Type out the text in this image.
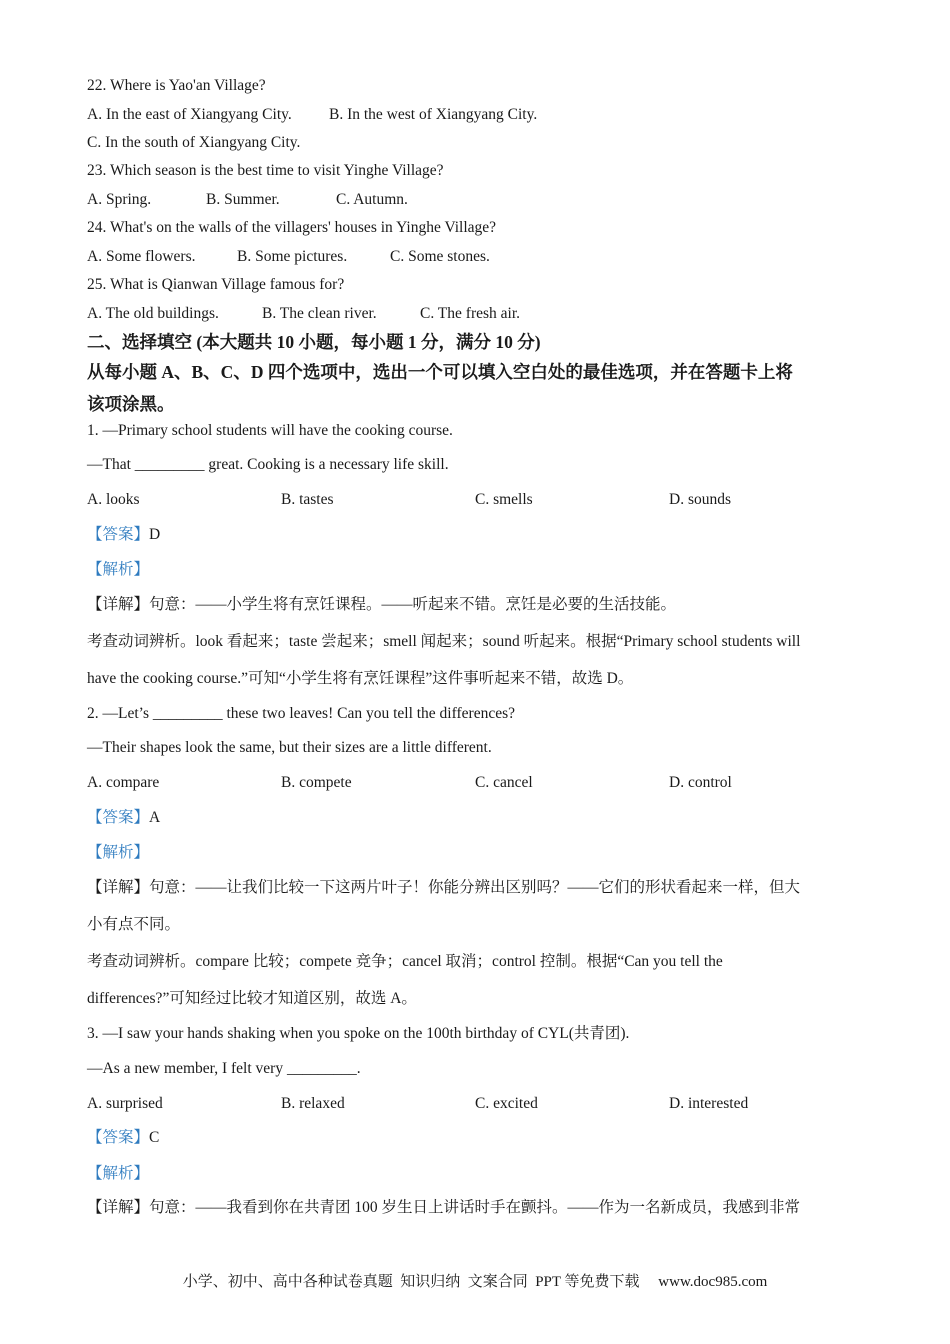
22. Where is Yao'an Village?
A. In the east of Xiangyang City. B. In the west of Xiangyang City.
C. In the south of Xiangyang City.
23. Which season is the best time to visit Yinghe Village?
A. Spring.	B. Summer.	C. Autumn.
24. What's on the walls of the villagers' houses in Yinghe Village?
A. Some flowers.	B. Some pictures.	C. Some stones.
25. What is Qianwan Village famous for?
A. The old buildings.	B. The clean river.	C. The fresh air.
二、选择填空 (本大题共 10 小题，每小题 1 分，满分 10 分)
从每小题 A、B、C、D 四个选项中，选出一个可以填入空白处的最佳选项，并在答题卡上将
该项涂黑。
1. —Primary school students will have the cooking course.
—That _________ great. Cooking is a necessary life skill.
A. looks	B. tastes	C. smells	D. sounds
【答案】D
【解析】
【详解】句意：——小学生将有烹饪课程。——听起来不错。烹饪是必要的生活技能。
考查动词辨析。look 看起来；taste 尝起来；smell 闻起来；sound 听起来。根据“Primary school students will
have the cooking course.”可知“小学生将有烹饪课程”这件事听起来不错，故选 D。
2. —Let’s _________ these two leaves! Can you tell the differences?
—Their shapes look the same, but their sizes are a little different.
A. compare	B. compete	C. cancel	D. control
【答案】A
【解析】
【详解】句意：——让我们比较一下这两片叶子！你能分辨出区别吗？——它们的形状看起来一样，但大
小有点不同。
考查动词辨析。compare 比较；compete 竞争；cancel 取消；control 控制。根据“Can you tell the
differences?”可知经过比较才知道区别，故选 A。
3. —I saw your hands shaking when you spoke on the 100th birthday of CYL(共青团).
—As a new member, I felt very _________.
A. surprised	B. relaxed	C. excited	D. interested
【答案】C
【解析】
【详解】句意：——我看到你在共青团 100 岁生日上讲话时手在颤抖。——作为一名新成员，我感到非常
小学、初中、高中各种试卷真题  知识归纳  文案合同  PPT 等免费下载     www.doc985.com
